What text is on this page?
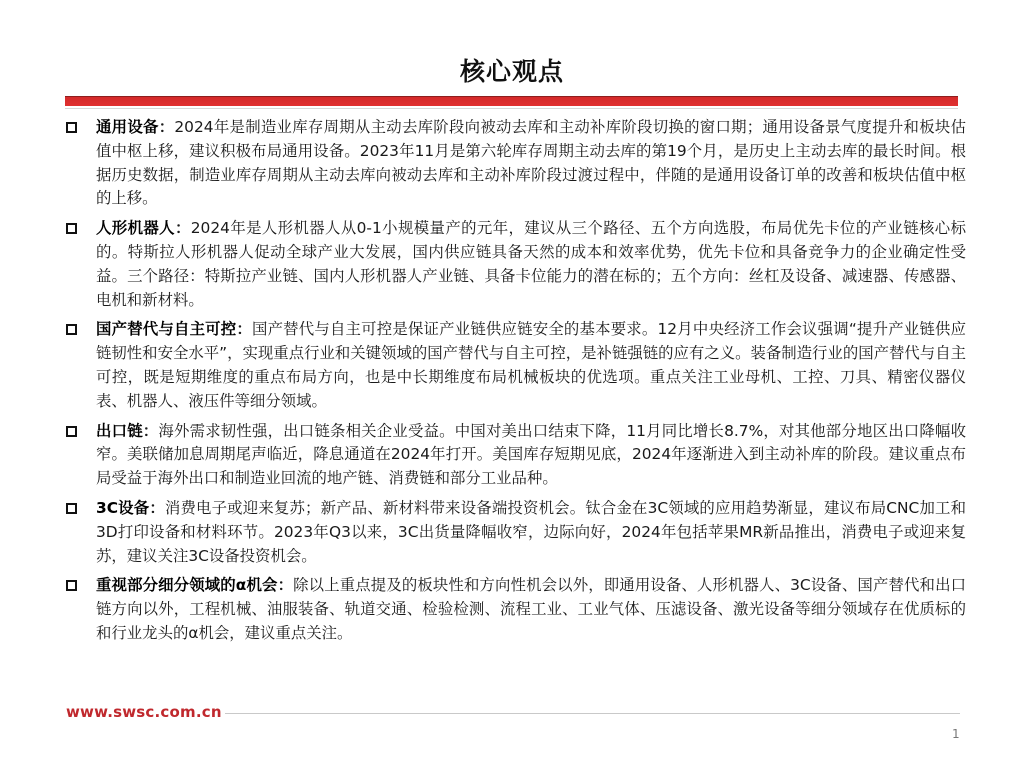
核心观点
通用设备：2024年是制造业库存周期从主动去库阶段向被动去库和主动补库阶段切换的窗口期；通用设备景气度提升和板块估值中枢上移，建议积极布局通用设备。2023年11月是第六轮库存周期主动去库的第19个月，是历史上主动去库的最长时间。根据历史数据，制造业库存周期从主动去库向被动去库和主动补库阶段过渡过程中，伴随的是通用设备订单的改善和板块估值中枢的上移。
人形机器人：2024年是人形机器人从0-1小规模量产的元年，建议从三个路径、五个方向选股，布局优先卡位的产业链核心标的。特斯拉人形机器人促动全球产业大发展，国内供应链具备天然的成本和效率优势，优先卡位和具备竞争力的企业确定性受益。三个路径：特斯拉产业链、国内人形机器人产业链、具备卡位能力的潜在标的；五个方向：丝杠及设备、减速器、传感器、电机和新材料。
国产替代与自主可控：国产替代与自主可控是保证产业链供应链安全的基本要求。12月中央经济工作会议强调“提升产业链供应链韧性和安全水平”，实现重点行业和关键领域的国产替代与自主可控，是补链强链的应有之义。装备制造行业的国产替代与自主可控，既是短期维度的重点布局方向，也是中长期维度布局机械板块的优选项。重点关注工业母机、工控、刀具、精密仪器仪表、机器人、液压件等细分领域。
出口链：海外需求韧性强，出口链条相关企业受益。中国对美出口结束下降，11月同比增长8.7%，对其他部分地区出口降幅收窄。美联储加息周期尾声临近，降息通道在2024年打开。美国库存短期见底，2024年逐渐进入到主动补库的阶段。建议重点布局受益于海外出口和制造业回流的地产链、消费链和部分工业品种。
3C设备：消费电子或迎来复苏；新产品、新材料带来设备端投资机会。钛合金在3C领域的应用趋势渐显，建议布局CNC加工和3D打印设备和材料环节。2023年Q3以来，3C出货量降幅收窄，边际向好，2024年包括苹果MR新品推出，消费电子或迎来复苏，建议关注3C设备投资机会。
重视部分细分领域的α机会：除以上重点提及的板块性和方向性机会以外，即通用设备、人形机器人、3C设备、国产替代和出口链方向以外，工程机械、油服装备、轨道交通、检验检测、流程工业、工业气体、压滤设备、激光设备等细分领域存在优质标的和行业龙头的α机会，建议重点关注。
www.swsc.com.cn
1
